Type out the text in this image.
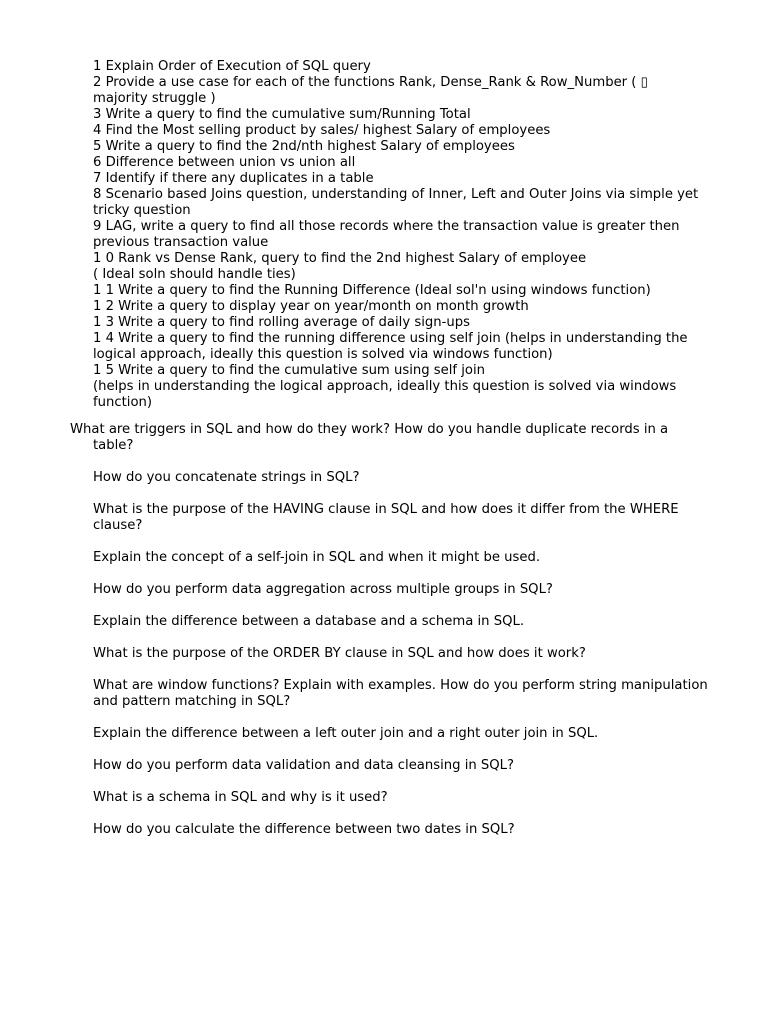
1 Explain Order of Execution of SQL query

2 Provide a use case for each of the functions Rank, Dense_Rank & Row_Number ( ▯
majority struggle )

3 Write a query to find the cumulative sum/Running Total

4 Find the Most selling product by sales/ highest Salary of employees

5 Write a query to find the 2nd/nth highest Salary of employees

6 Difference between union vs union all

7 Identify if there any duplicates in a table

8 Scenario based Joins question, understanding of Inner, Left and Outer Joins via simple yet
tricky question

9 LAG, write a query to find all those records where the transaction value is greater then
previous transaction value

1 0 Rank vs Dense Rank, query to find the 2nd highest Salary of employee
( Ideal soln should handle ties)

1 1 Write a query to find the Running Difference (Ideal sol'n using windows function)

1 2 Write a query to display year on year/month on month growth

1 3 Write a query to find rolling average of daily sign-ups

1 4 Write a query to find the running difference using self join (helps in understanding the
logical approach, ideally this question is solved via windows function)

1 5 Write a query to find the cumulative sum using self join
(helps in understanding the logical approach, ideally this question is solved via windows
function)

What are triggers in SQL and how do they work? How do you handle duplicate records in a table?

How do you concatenate strings in SQL?

What is the purpose of the HAVING clause in SQL and how does it differ from the WHERE clause?

Explain the concept of a self-join in SQL and when it might be used.

How do you perform data aggregation across multiple groups in SQL?

Explain the difference between a database and a schema in SQL.

What is the purpose of the ORDER BY clause in SQL and how does it work?

What are window functions? Explain with examples. How do you perform string manipulation and pattern matching in SQL?

Explain the difference between a left outer join and a right outer join in SQL.

How do you perform data validation and data cleansing in SQL?

What is a schema in SQL and why is it used?

How do you calculate the difference between two dates in SQL?
